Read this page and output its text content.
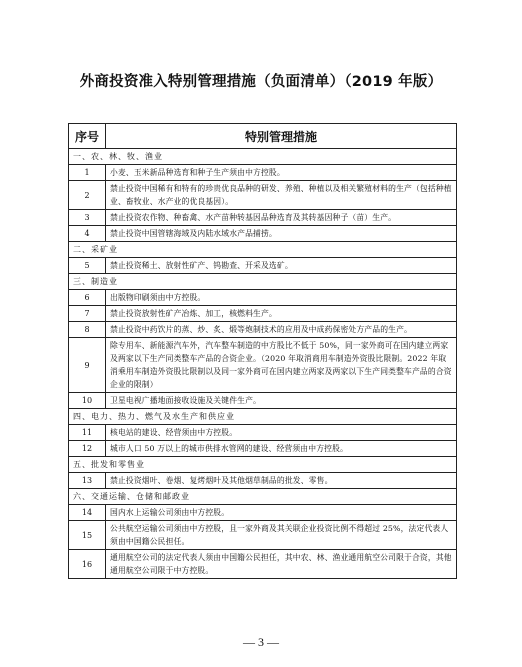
外商投资准入特别管理措施（负面清单）（2019 年版）
序号	特别管理措施
一、农、林、牧、渔业	
1	小麦、玉米新品种选育和种子生产须由中方控股。
2	禁止投资中国稀有和特有的珍贵优良品种的研发、养殖、种植以及相关繁殖材料的生产（包括种植业、畜牧业、水产业的优良基因）。
3	禁止投资农作物、种畜禽、水产苗种转基因品种选育及其转基因种子（苗）生产。
4	禁止投资中国管辖海域及内陆水域水产品捕捞。
二、采矿业	
5	禁止投资稀土、放射性矿产、钨勘查、开采及选矿。
三、制造业	
6	出版物印刷须由中方控股。
7	禁止投资放射性矿产冶炼、加工，核燃料生产。
8	禁止投资中药饮片的蒸、炒、炙、煅等炮制技术的应用及中成药保密处方产品的生产。
9	除专用车、新能源汽车外，汽车整车制造的中方股比不低于 50%，同一家外商可在国内建立两家及两家以下生产同类整车产品的合资企业。（2020 年取消商用车制造外资股比限制。2022 年取消乘用车制造外资股比限制以及同一家外商可在国内建立两家及两家以下生产同类整车产品的合资企业的限制）
10	卫星电视广播地面接收设施及关键件生产。
四、电力、热力、燃气及水生产和供应业	
11	核电站的建设、经营须由中方控股。
12	城市人口 50 万以上的城市供排水管网的建设、经营须由中方控股。
五、批发和零售业	
13	禁止投资烟叶、卷烟、复烤烟叶及其他烟草制品的批发、零售。
六、交通运输、仓储和邮政业	
14	国内水上运输公司须由中方控股。
15	公共航空运输公司须由中方控股，且一家外商及其关联企业投资比例不得超过 25%，法定代表人须由中国籍公民担任。
16	通用航空公司的法定代表人须由中国籍公民担任，其中农、林、渔业通用航空公司限于合资，其他通用航空公司限于中方控股。
— 3 —
